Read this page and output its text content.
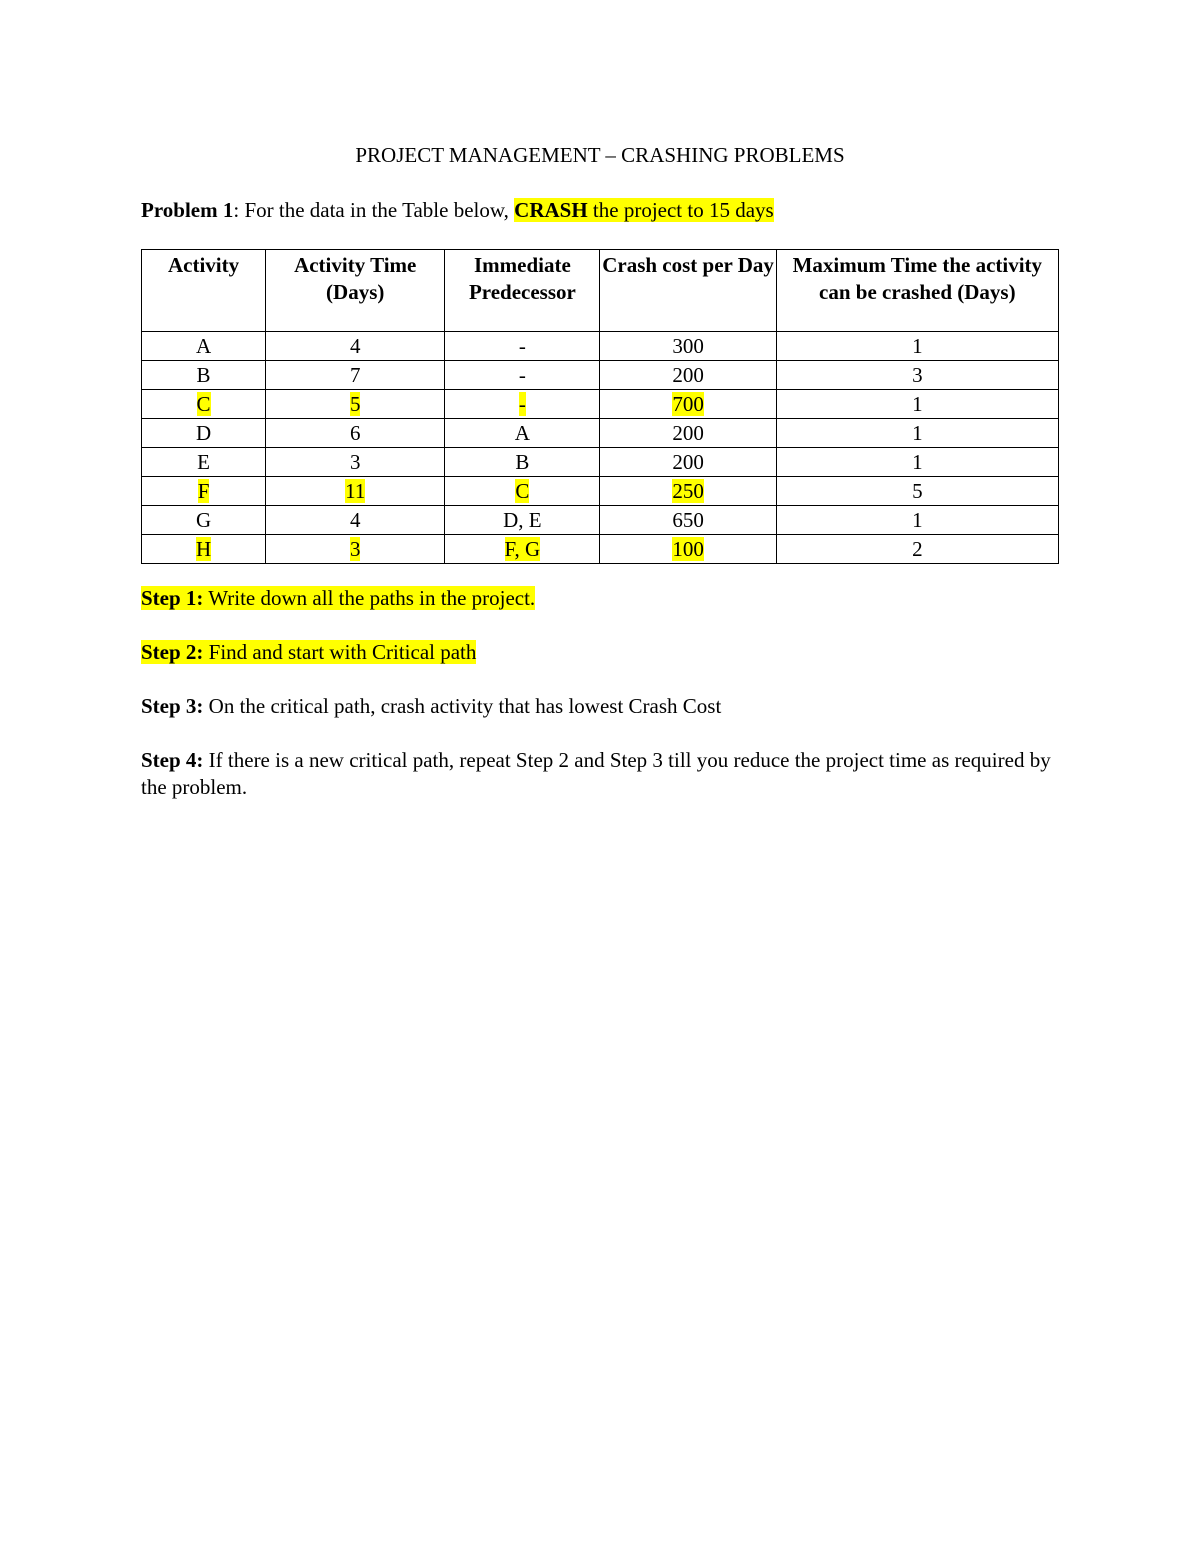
PROJECT MANAGEMENT – CRASHING PROBLEMS
Problem 1: For the data in the Table below, CRASH the project to 15 days
Activity	Activity Time (Days)	Immediate Predecessor	Crash cost per Day	Maximum Time the activity can be crashed (Days)
A	4	-	300	1
B	7	-	200	3
C	5	-	700	1
D	6	A	200	1
E	3	B	200	1
F	11	C	250	5
G	4	D, E	650	1
H	3	F, G	100	2
Step 1: Write down all the paths in the project.
Step 2: Find and start with Critical path
Step 3: On the critical path, crash activity that has lowest Crash Cost
Step 4: If there is a new critical path, repeat Step 2 and Step 3 till you reduce the project time as required by the problem.
